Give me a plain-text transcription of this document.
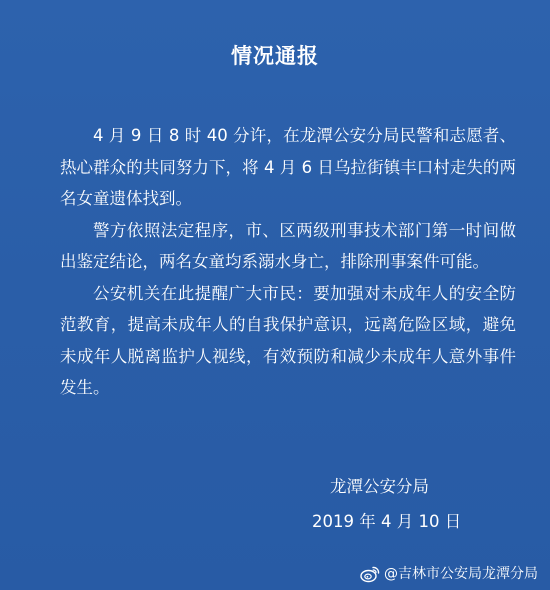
情况通报

4 月 9 日 8 时 40 分许，在龙潭公安分局民警和志愿者、热心群众的共同努力下，将 4 月 6 日乌拉街镇丰口村走失的两名女童遗体找到。

警方依照法定程序，市、区两级刑事技术部门第一时间做出鉴定结论，两名女童均系溺水身亡，排除刑事案件可能。

公安机关在此提醒广大市民：要加强对未成年人的安全防范教育，提高未成年人的自我保护意识，远离危险区域，避免未成年人脱离监护人视线，有效预防和减少未成年人意外事件发生。

龙潭公安分局
2019 年 4 月 10 日
@吉林市公安局龙潭分局
